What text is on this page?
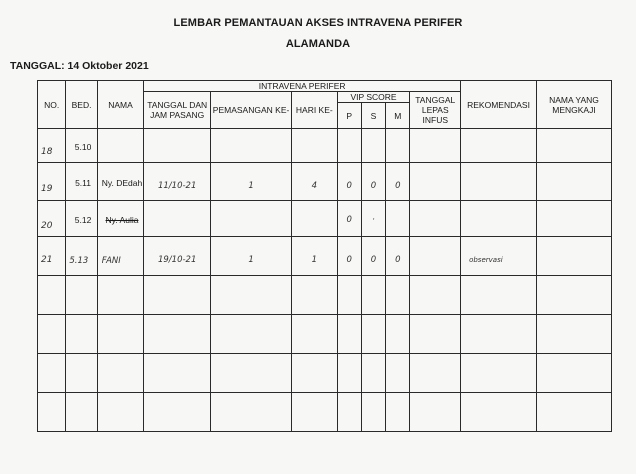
LEMBAR PEMANTAUAN AKSES INTRAVENA PERIFER
ALAMANDA
TANGGAL: 14 Oktober 2021
NO.	BED.	NAMA	INTRAVENA PERIFER							REKOMENDASI	NAMA YANG MENGKAJI
			TANGGAL DAN JAM PASANG	PEMASANGAN KE-	HARI KE-	VIP SCORE			TANGGAL LEPAS INFUS		
						P	S	M			

18	5.10										

19	5.11	Ny. DEdah	11/10-21	1	4	0	0	0			

20	5.12	Ny. Aulia				0	·				

21	5.13	FANI	19/10-21	1	1	0	0	0		observasi	
